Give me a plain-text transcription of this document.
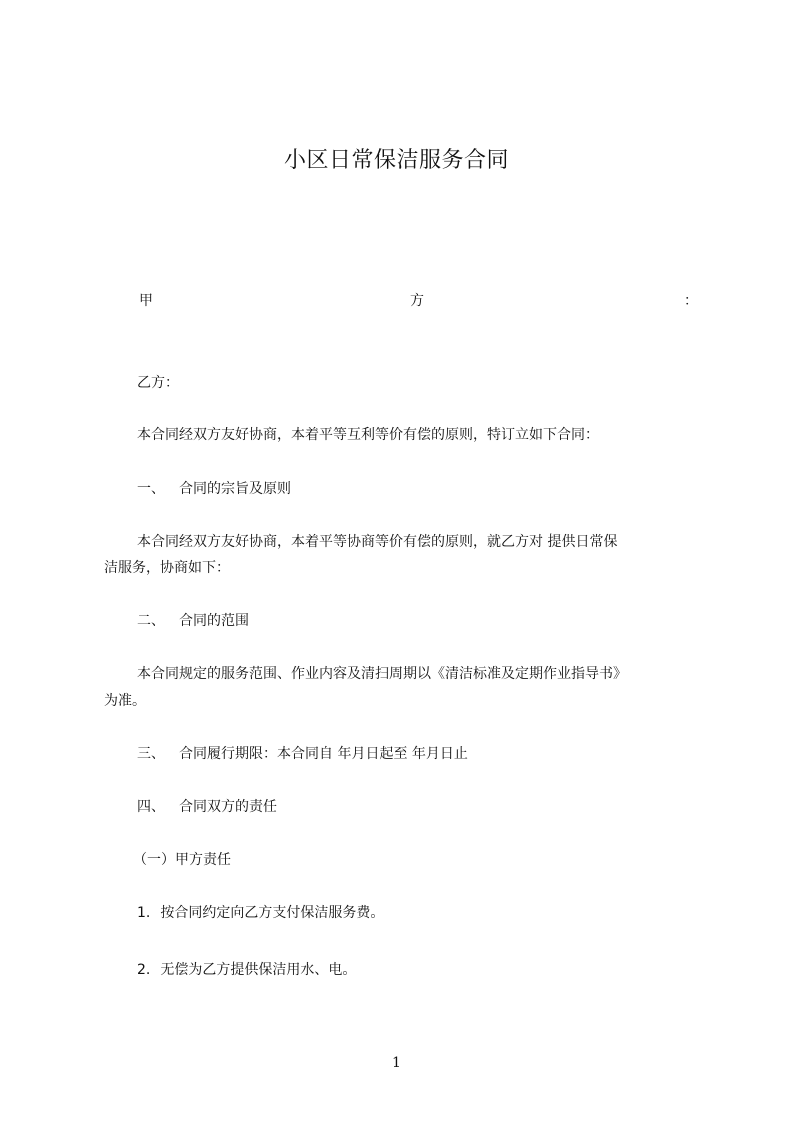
小区日常保洁服务合同
甲	方	：
乙方：
本合同经双方友好协商，本着平等互利等价有偿的原则，特订立如下合同：
一、 合同的宗旨及原则
本合同经双方友好协商，本着平等协商等价有偿的原则，就乙方对 提供日常保
洁服务，协商如下：
二、 合同的范围
本合同规定的服务范围、作业内容及清扫周期以《清洁标准及定期作业指导书》
为准。
三、 合同履行期限：本合同自 年月日起至 年月日止
四、 合同双方的责任
（一）甲方责任
1. 按合同约定向乙方支付保洁服务费。
2. 无偿为乙方提供保洁用水、电。
1
